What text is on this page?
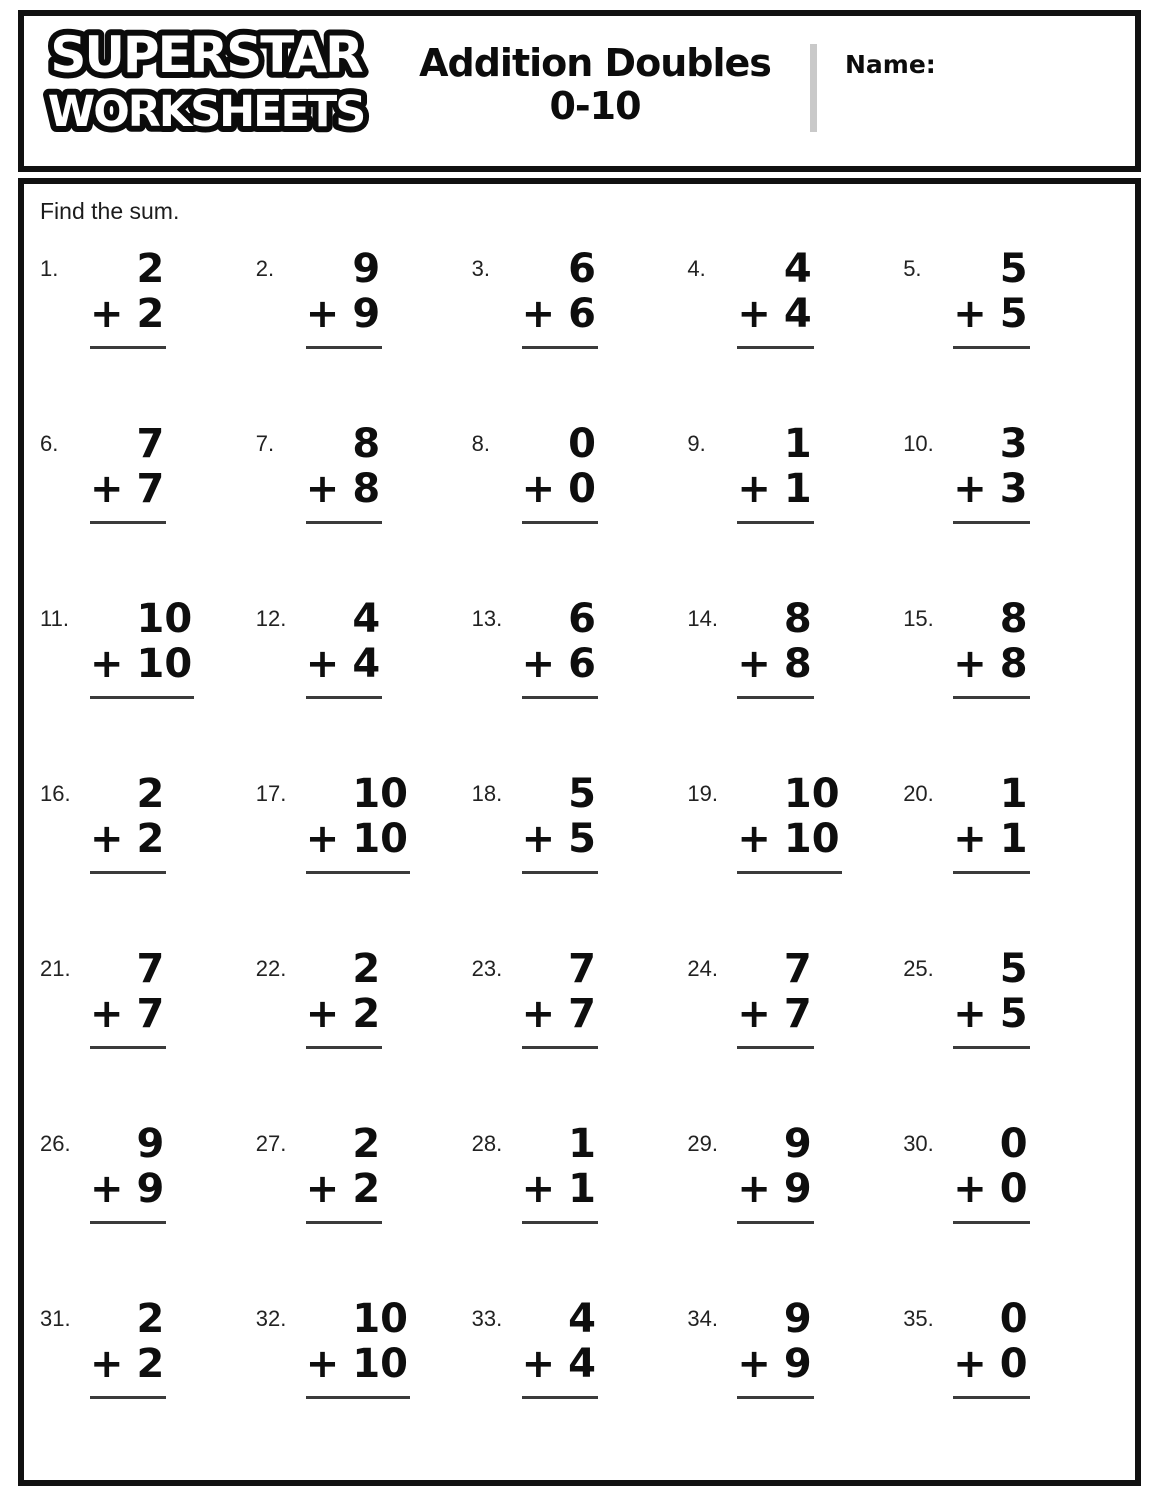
SUPERSTAR
WORKSHEETS
Addition Doubles
0-10
Name:
Find the sum.
1.	2
+ 2
2.	9
+ 9
3.	6
+ 6
4.	4
+ 4
5.	5
+ 5
6.	7
+ 7
7.	8
+ 8
8.	0
+ 0
9.	1
+ 1
10.	3
+ 3
11.	10
+ 10
12.	4
+ 4
13.	6
+ 6
14.	8
+ 8
15.	8
+ 8
16.	2
+ 2
17.	10
+ 10
18.	5
+ 5
19.	10
+ 10
20.	1
+ 1
21.	7
+ 7
22.	2
+ 2
23.	7
+ 7
24.	7
+ 7
25.	5
+ 5
26.	9
+ 9
27.	2
+ 2
28.	1
+ 1
29.	9
+ 9
30.	0
+ 0
31.	2
+ 2
32.	10
+ 10
33.	4
+ 4
34.	9
+ 9
35.	0
+ 0
